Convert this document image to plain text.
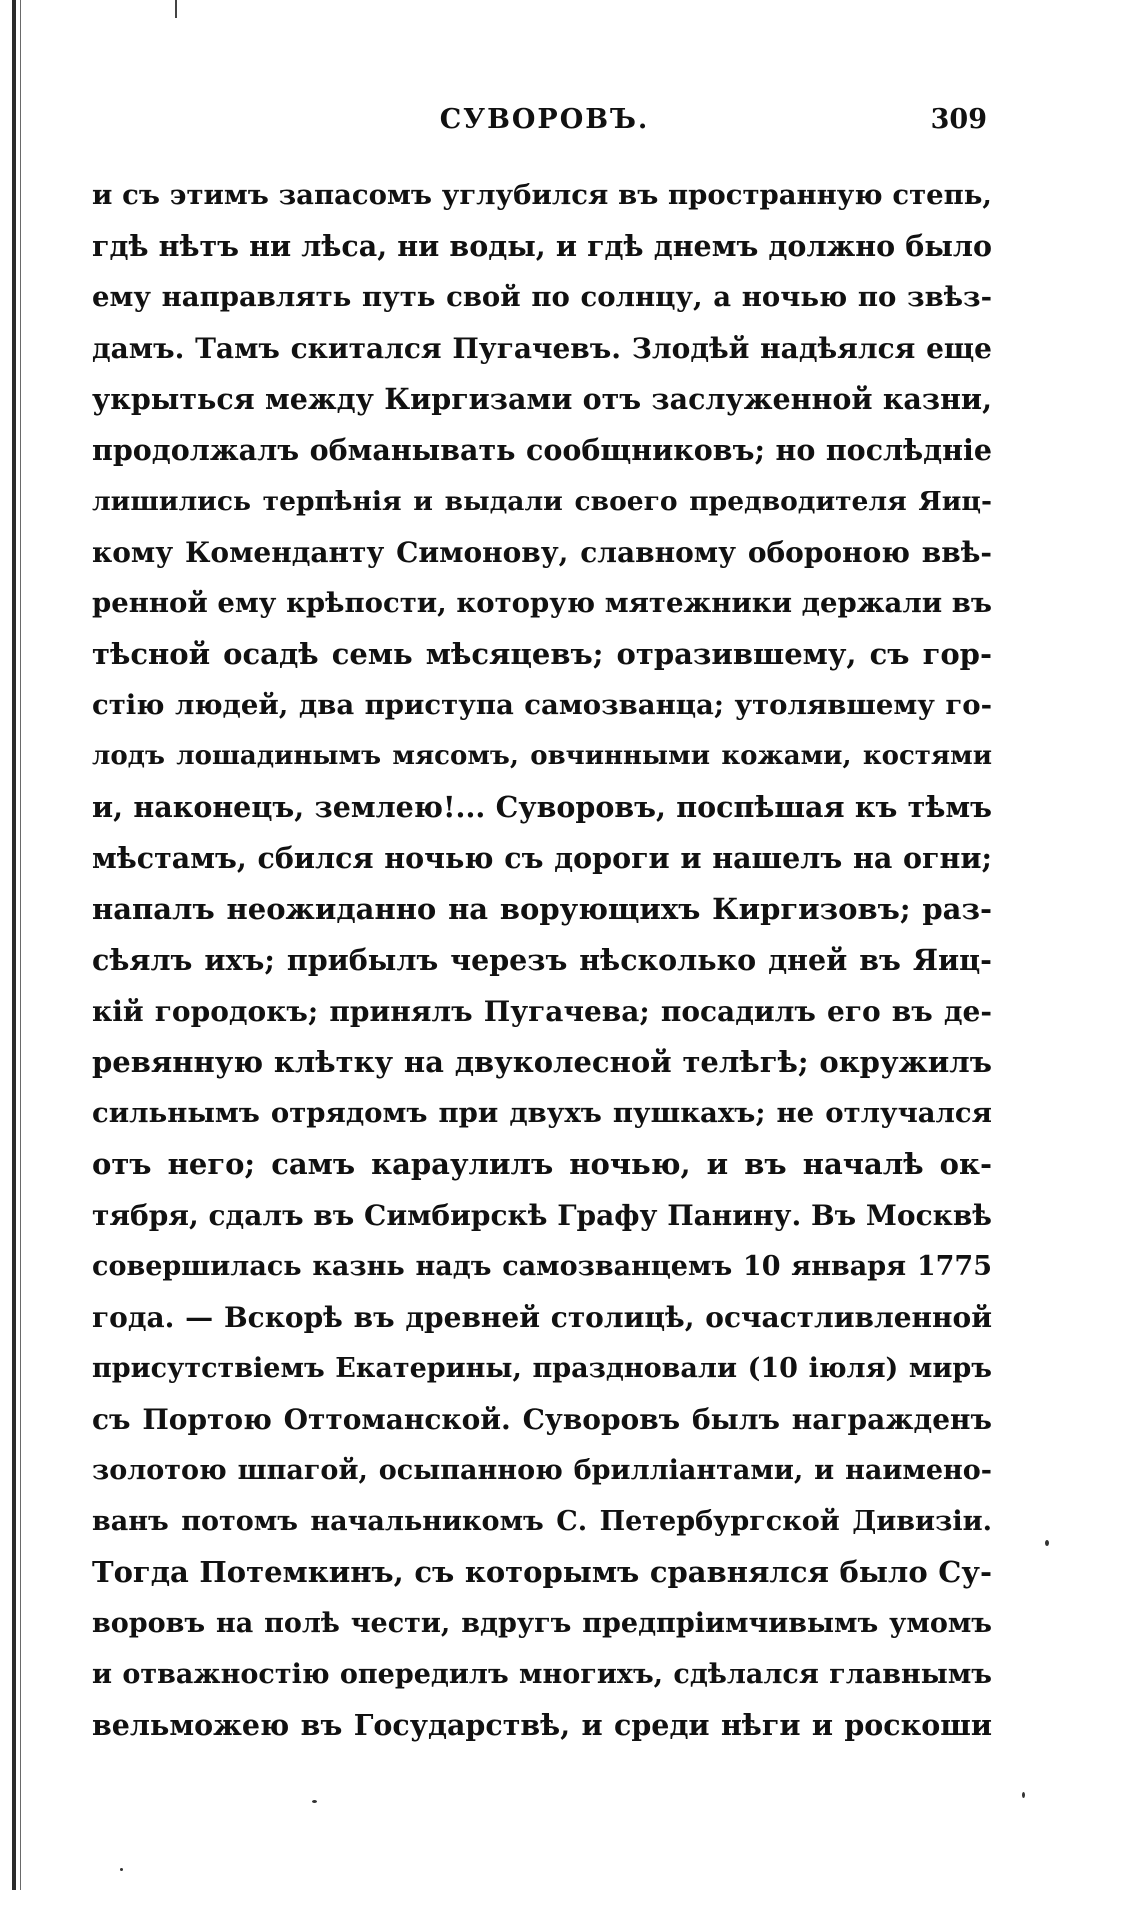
СУВОРОВЪ.	309
и съ этимъ запасомъ углубился въ пространную степь,
гдѣ нѣтъ ни лѣса, ни воды, и гдѣ днемъ должно было
ему направлять путь свой по солнцу, а ночью по звѣз-
дамъ. Тамъ скитался Пугачевъ. Злодѣй надѣялся еще
укрыться между Киргизами отъ заслуженной казни,
продолжалъ обманывать сообщниковъ; но послѣдніе
лишились терпѣнія и выдали своего предводителя Яиц-
кому Коменданту Симонову, славному обороною ввѣ-
ренной ему крѣпости, которую мятежники держали въ
тѣсной осадѣ семь мѣсяцевъ; отразившему, съ гор-
стію людей, два приступа самозванца; утолявшему го-
лодъ лошадинымъ мясомъ, овчинными кожами, костями
и, наконецъ, землею!... Суворовъ, поспѣшая къ тѣмъ
мѣстамъ, сбился ночью съ дороги и нашелъ на огни;
напалъ неожиданно на ворующихъ Киргизовъ; раз-
сѣялъ ихъ; прибылъ черезъ нѣсколько дней въ Яиц-
кій городокъ; принялъ Пугачева; посадилъ его въ де-
ревянную клѣтку на двуколесной телѣгѣ; окружилъ
сильнымъ отрядомъ при двухъ пушкахъ; не отлучался
отъ него; самъ караулилъ ночью, и въ началѣ ок-
тября, сдалъ въ Симбирскѣ Графу Панину. Въ Москвѣ
совершилась казнь надъ самозванцемъ 10 января 1775
года. — Вскорѣ въ древней столицѣ, осчастливленной
присутствіемъ Екатерины, праздновали (10 іюля) миръ
съ Портою Оттоманской. Суворовъ былъ награжденъ
золотою шпагой, осыпанною брилліантами, и наимено-
ванъ потомъ начальникомъ С. Петербургской Дивизіи.
Тогда Потемкинъ, съ которымъ сравнялся было Су-
воровъ на полѣ чести, вдругъ предпріимчивымъ умомъ
и отважностію опередилъ многихъ, сдѣлался главнымъ
вельможею въ Государствѣ, и среди нѣги и роскоши
